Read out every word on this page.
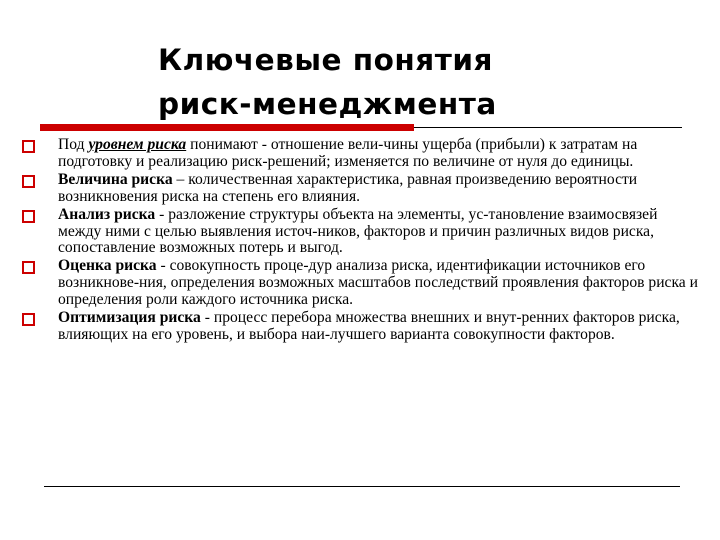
Ключевые понятия
риск-менеджмента
Под уровнем риска понимают - отношение вели-чины ущерба (прибыли) к затратам на подготовку и реализацию риск-решений; изменяется по величине от нуля до единицы.
Величина риска – количественная характеристика, равная произведению вероятности возникновения риска на степень его влияния.
Анализ риска - разложение структуры объекта на элементы, ус-тановление взаимосвязей между ними с целью выявления источ-ников, факторов и причин различных видов риска, сопоставление возможных потерь и выгод.
Оценка риска - совокупность проце-дур анализа риска, идентификации источников его возникнове-ния, определения возможных масштабов последствий проявления факторов риска и определения роли каждого источника риска.
Оптимизация риска - процесс перебора множества внешних и внут-ренних факторов риска, влияющих на его уровень, и выбора наи-лучшего варианта совокупности факторов.
